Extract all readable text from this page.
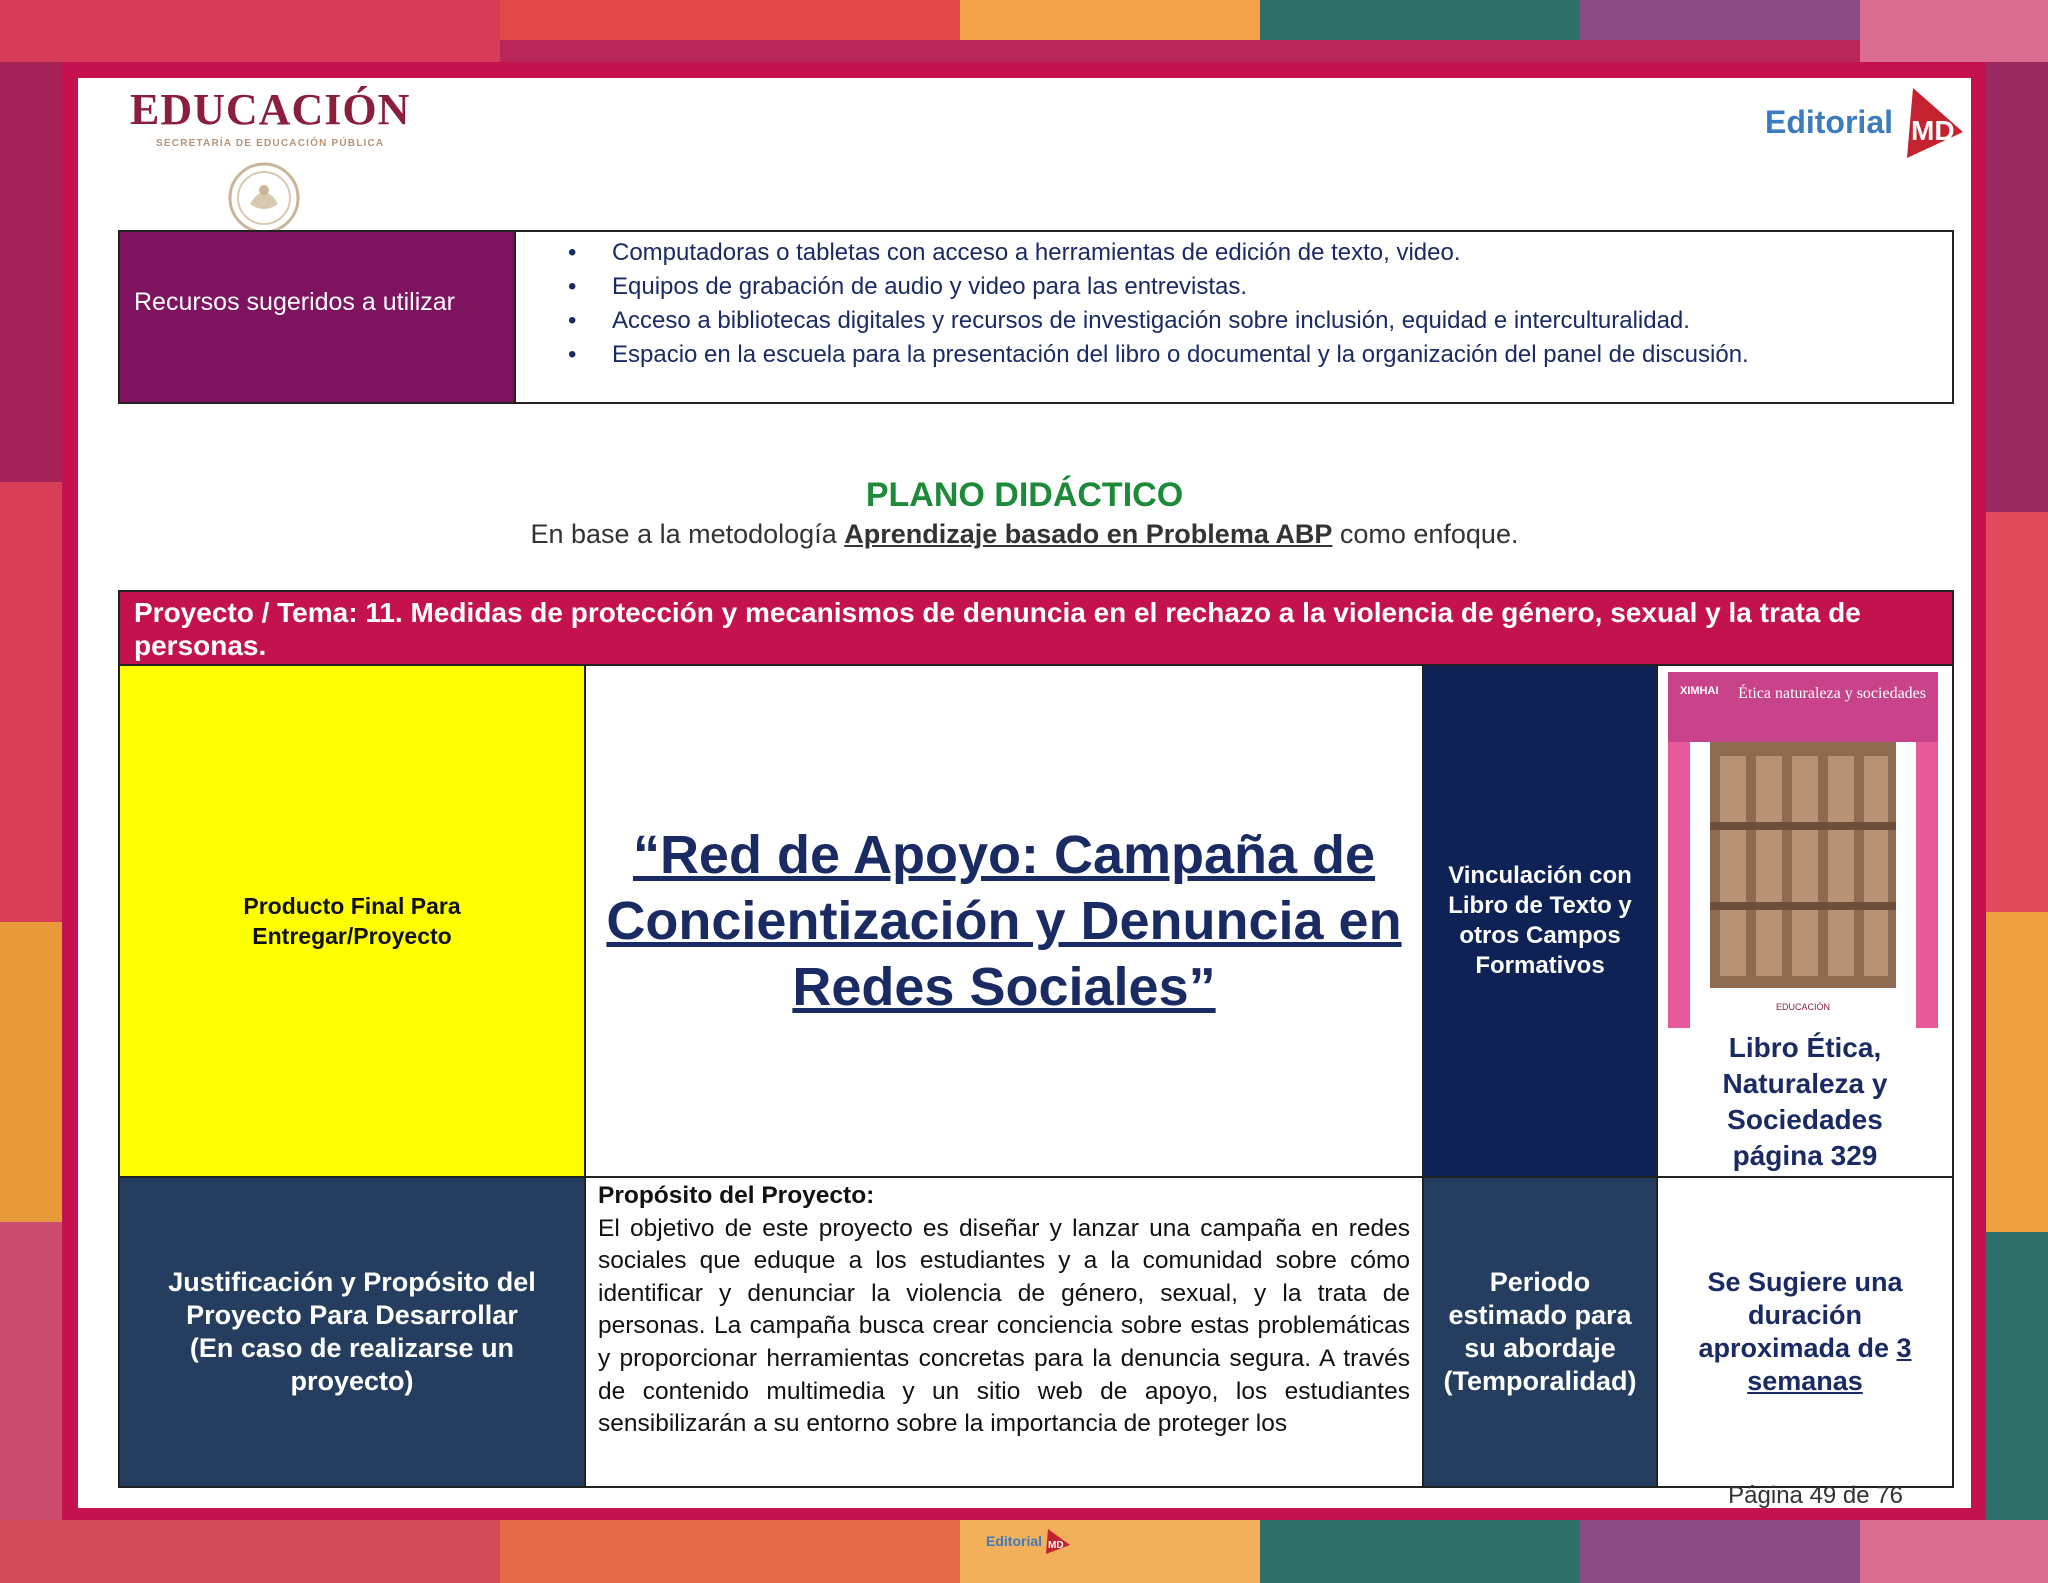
EDUCACIÓN
SECRETARÍA DE EDUCACIÓN PÚBLICA
Editorial MD
Recursos sugeridos a utilizar
• Computadoras o tabletas con acceso a herramientas de edición de texto, video.
• Equipos de grabación de audio y video para las entrevistas.
• Acceso a bibliotecas digitales y recursos de investigación sobre inclusión, equidad e interculturalidad.
• Espacio en la escuela para la presentación del libro o documental y la organización del panel de discusión.
PLANO DIDÁCTICO
En base a la metodología Aprendizaje basado en Problema ABP como enfoque.
Proyecto / Tema: 11. Medidas de protección y mecanismos de denuncia en el rechazo a la violencia de género, sexual y la trata de personas.
Producto Final Para Entregar/Proyecto
“Red de Apoyo: Campaña de Concientización y Denuncia en Redes Sociales”
Vinculación con Libro de Texto y otros Campos Formativos
XIMHAI Ética naturaleza y sociedades
EDUCACIÓN
Libro Ética, Naturaleza y Sociedades página 329
Justificación y Propósito del Proyecto Para Desarrollar (En caso de realizarse un proyecto)
Propósito del Proyecto:
El objetivo de este proyecto es diseñar y lanzar una campaña en redes sociales que eduque a los estudiantes y a la comunidad sobre cómo identificar y denunciar la violencia de género, sexual, y la trata de personas. La campaña busca crear conciencia sobre estas problemáticas y proporcionar herramientas concretas para la denuncia segura. A través de contenido multimedia y un sitio web de apoyo, los estudiantes sensibilizarán a su entorno sobre la importancia de proteger los
Periodo estimado para su abordaje (Temporalidad)
Se Sugiere una duración aproximada de 3 semanas
Página 49 de 76
Editorial MD
